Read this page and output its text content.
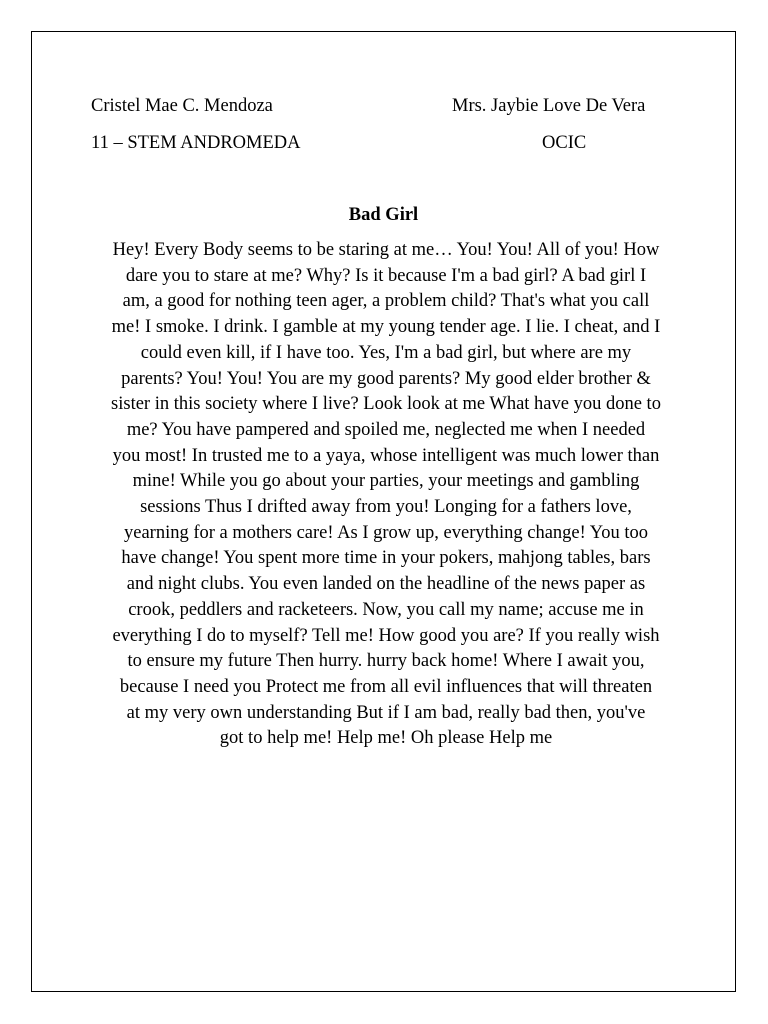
Cristel Mae C. Mendoza	Mrs. Jaybie Love De Vera
11 – STEM ANDROMEDA	OCIC
Bad Girl
Hey! Every Body seems to be staring at me… You! You! All of you! How
dare you to stare at me? Why? Is it because I'm a bad girl? A bad girl I
am, a good for nothing teen ager, a problem child? That's what you call
me! I smoke. I drink. I gamble at my young tender age. I lie. I cheat, and I
could even kill, if I have too. Yes, I'm a bad girl, but where are my
parents? You! You! You are my good parents? My good elder brother &
sister in this society where I live? Look look at me What have you done to
me? You have pampered and spoiled me, neglected me when I needed
you most! In trusted me to a yaya, whose intelligent was much lower than
mine! While you go about your parties, your meetings and gambling
sessions Thus I drifted away from you! Longing for a fathers love,
yearning for a mothers care! As I grow up, everything change! You too
have change! You spent more time in your pokers, mahjong tables, bars
and night clubs. You even landed on the headline of the news paper as
crook, peddlers and racketeers. Now, you call my name; accuse me in
everything I do to myself? Tell me! How good you are? If you really wish
to ensure my future Then hurry. hurry back home! Where I await you,
because I need you Protect me from all evil influences that will threaten
at my very own understanding But if I am bad, really bad then, you've
got to help me! Help me! Oh please Help me
